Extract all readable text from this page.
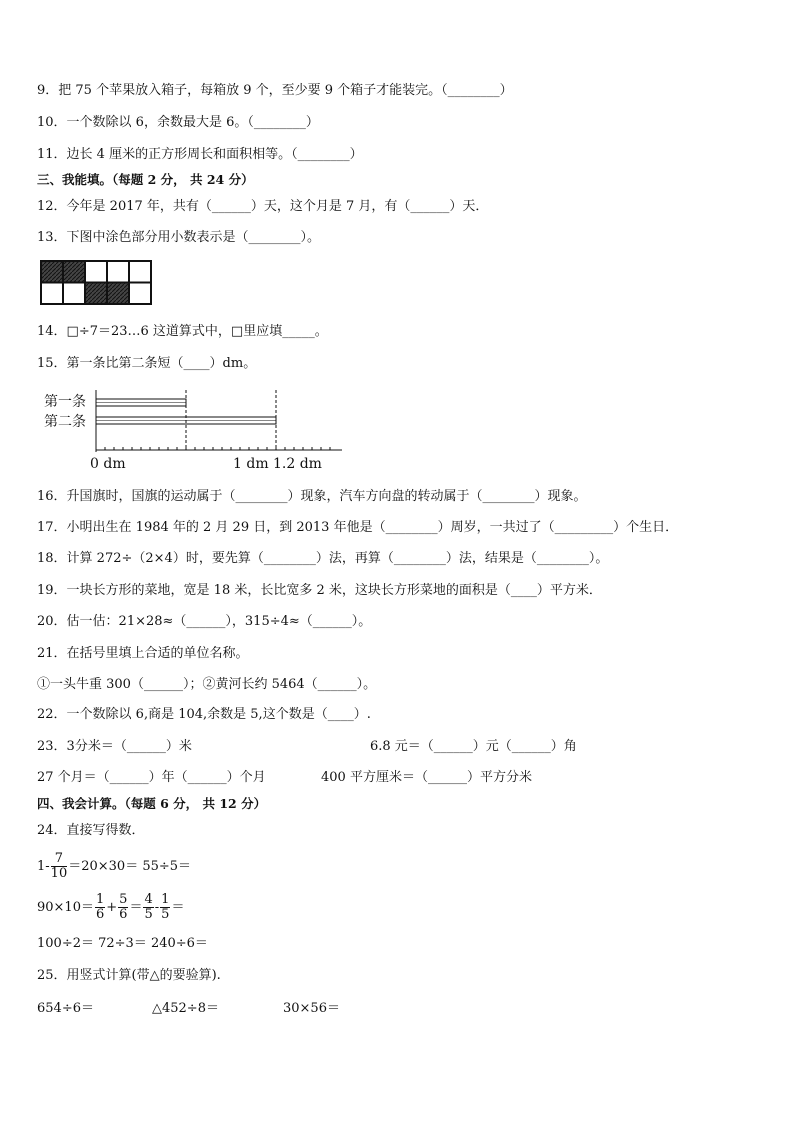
9．把 75 个苹果放入箱子，每箱放 9 个，至少要 9 个箱子才能装完。（________）
10．一个数除以 6，余数最大是 6。（________）
11．边长 4 厘米的正方形周长和面积相等。（________）
三、我能填。（每题 2 分， 共 24 分）
12．今年是 2017 年，共有（______）天，这个月是 7 月，有（______）天．
13．下图中涂色部分用小数表示是（________）。
14．□÷7＝23…6 这道算式中，□里应填_____。
15．第一条比第二条短（____）dm。
第一条
第二条
0 dm	1 dm 1.2 dm
16．升国旗时，国旗的运动属于（________）现象，汽车方向盘的转动属于（________）现象。
17．小明出生在 1984 年的 2 月 29 日，到 2013 年他是（________）周岁，一共过了（_________）个生日．
18．计算 272÷（2×4）时，要先算（________）法，再算（________）法，结果是（________）。
19．一块长方形的菜地，宽是 18 米，长比宽多 2 米，这块长方形菜地的面积是（____）平方米．
20．估一估：21×28≈（______），315÷4≈（______）。
21．在括号里填上合适的单位名称。
①一头牛重 300（______）；②黄河长约 5464（______）。
22．一个数除以 6,商是 104,余数是 5,这个数是（____）.
23．3分米＝（______）米	6.8 元＝（______）元（______）角
27 个月＝（______）年（______）个月	400 平方厘米＝（______）平方分米
四、我会计算。（每题 6 分， 共 12 分）
24．直接写得数．
$1- \frac{7}{10} =20\times 30= 55\div 5=$
$90\times 10= \frac{1}{6} + \frac{5}{6} = \frac{4}{5} - \frac{1}{5}$ ＝
100÷2＝ 72÷3＝ 240÷6＝
25．用竖式计算(带△的要验算).
654÷6＝	△452÷8＝	30×56＝
